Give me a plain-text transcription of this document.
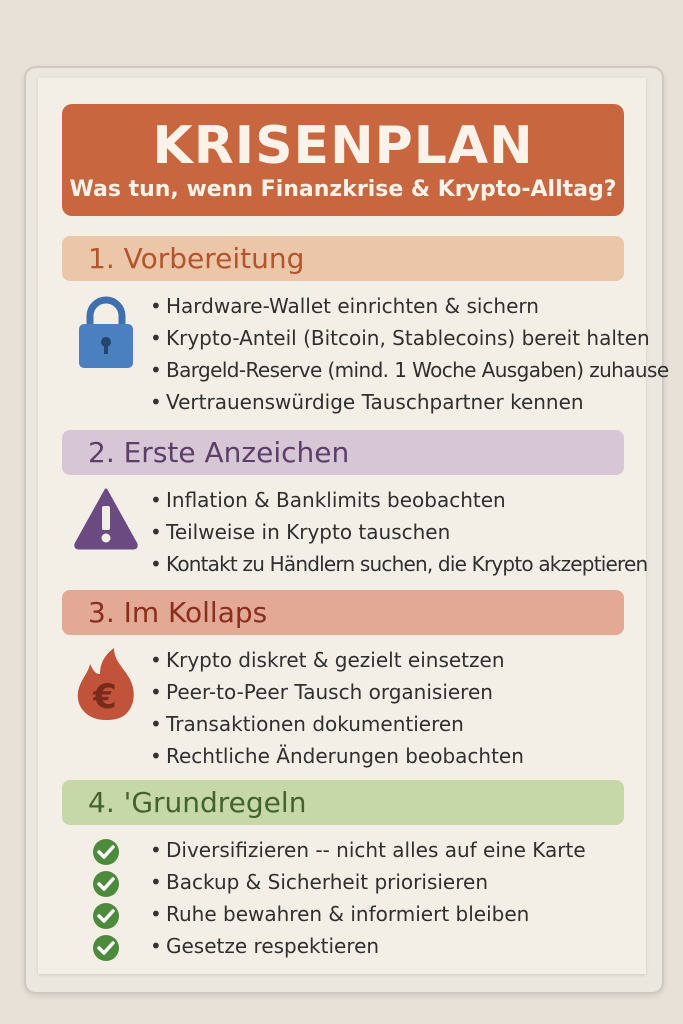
KRISENPLAN
Was tun, wenn Finanzkrise & Krypto-Alltag?
1. Vorbereitung
• Hardware-Wallet einrichten & sichern
• Krypto-Anteil (Bitcoin, Stablecoins) bereit halten
• Bargeld-Reserve (mind. 1 Woche Ausgaben) zuhause
• Vertrauenswürdige Tauschpartner kennen
2. Erste Anzeichen
• Inflation & Banklimits beobachten
• Teilweise in Krypto tauschen
• Kontakt zu Händlern suchen, die Krypto akzeptieren
3. Im Kollaps
€
• Krypto diskret & gezielt einsetzen
• Peer-to-Peer Tausch organisieren
• Transaktionen dokumentieren
• Rechtliche Änderungen beobachten
4. 'Grundregeln
• Diversifizieren -- nicht alles auf eine Karte
• Backup & Sicherheit priorisieren
• Ruhe bewahren & informiert bleiben
• Gesetze respektieren
